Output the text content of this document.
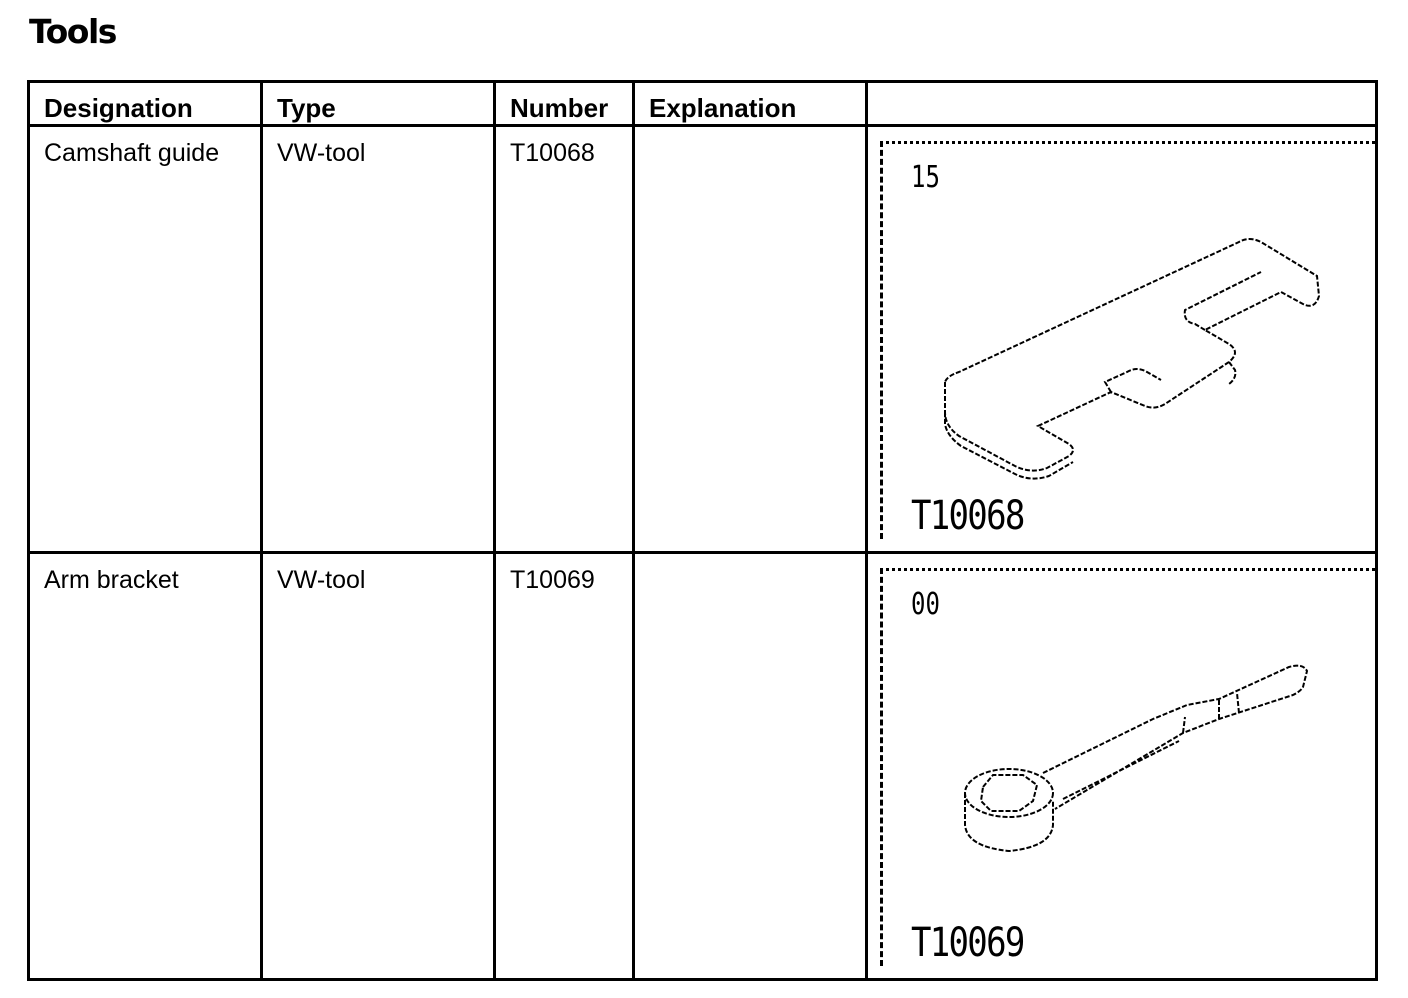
Tools
Designation	Type	Number	Explanation	
Camshaft guide	VW-tool	T10068		15
T10068

Arm bracket	VW-tool	T10069		00
T10069
